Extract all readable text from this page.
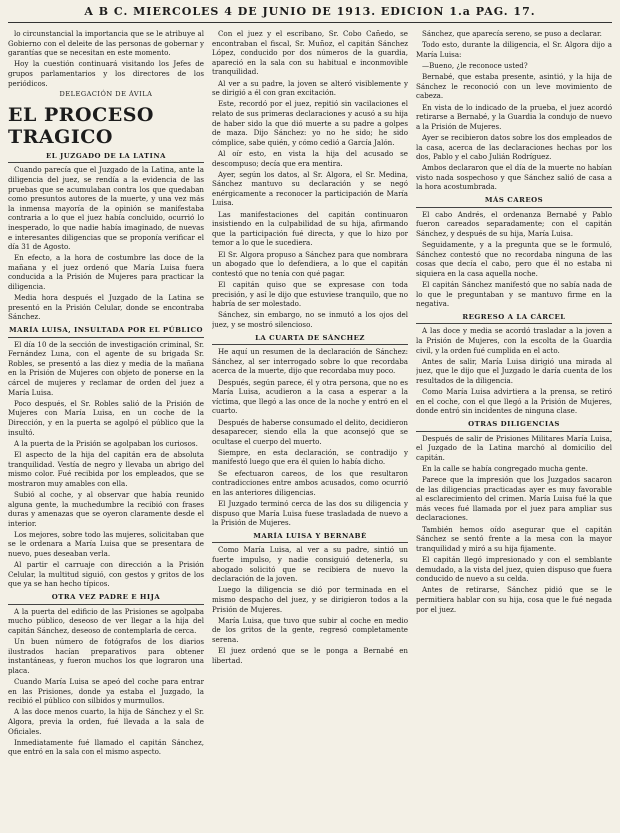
A B C. MIERCOLES 4 DE JUNIO DE 1913. EDICION 1.a PAG. 17.

lo circunstancial la importancia que se le atribuye al Gobierno con el deleite de las personas de gobernar y garantías que se necesitan en este momento.

Hoy la cuestión continuará visitando los Jefes de grupos parlamentarios y los directores de los periódicos.

DELEGACIÓN DE ÁVILA
EL PROCESO TRAGICO
EL JUZGADO DE LA LATINA

Cuando parecía que el Juzgado de la Latina, ante la diligencia del juez, se rendía a la evidencia de las pruebas que se acumulaban contra los que quedaban como presuntos autores de la muerte, y una vez más la inmensa mayoría de la opinión se manifestaba contraria a lo que el juez había concluido, ocurrió lo inesperado, lo que nadie había imaginado, de nuevas e interesantes diligencias que se proponía verificar el día 31 de Agosto.

En efecto, a la hora de costumbre las doce de la mañana y el juez ordenó que María Luisa fuera conducida a la Prisión de Mujeres para practicar la diligencia.

Media hora después el Juzgado de la Latina se presentó en la Prisión Celular, donde se encontraba Sánchez.

MARÍA LUISA, INSULTADA POR EL PÚBLICO

El día 10 de la sección de investigación criminal, Sr. Fernández Luna, con el agente de su brigada Sr. Robles, se presentó a las diez y media de la mañana en la Prisión de Mujeres con objeto de ponerse en la cárcel de mujeres y reclamar de orden del juez a María Luisa.

Poco después, el Sr. Robles salió de la Prisión de Mujeres con María Luisa, en un coche de la Dirección, y en la puerta se agolpó el público que la insultó.

A la puerta de la Prisión se agolpaban los curiosos.

El aspecto de la hija del capitán era de absoluta tranquilidad. Vestía de negro y llevaba un abrigo del mismo color. Fué recibida por los empleados, que se mostraron muy amables con ella.

Subió al coche, y al observar que había reunido alguna gente, la muchedumbre la recibió con frases duras y amenazas que se oyeron claramente desde el interior.

Los mejores, sobre todo las mujeres, solicitaban que se le ordenara a María Luisa que se presentara de nuevo, pues deseaban verla.

Al partir el carruaje con dirección a la Prisión Celular, la multitud siguió, con gestos y gritos de los que ya se han hecho típicos.

OTRA VEZ PADRE E HIJA

A la puerta del edificio de las Prisiones se agolpaba mucho público, deseoso de ver llegar a la hija del capitán Sánchez, deseoso de contemplarla de cerca.

Un buen número de fotógrafos de los diarios ilustrados hacían preparativos para obtener instantáneas, y fueron muchos los que lograron una placa.

Cuando María Luisa se apeó del coche para entrar en las Prisiones, donde ya estaba el Juzgado, la recibió el público con silbidos y murmullos.

A las doce menos cuarto, la hija de Sánchez y el Sr. Algora, previa la orden, fué llevada a la sala de Oficiales.

Inmediatamente fué llamado el capitán Sánchez, que entró en la sala con el mismo aspecto.

Con el juez y el escribano, Sr. Cobo Cañedo, se encontraban el fiscal, Sr. Muñoz, el capitán Sánchez López, conducido por dos números de la guardia, apareció en la sala con su habitual e inconmovible tranquilidad.

Al ver a su padre, la joven se alteró visiblemente y se dirigió a él con gran excitación.

Este, recordó por el juez, repitió sin vacilaciones el relato de sus primeras declaraciones y acusó a su hija de haber sido la que dió muerte a su padre a golpes de maza. Dijo Sánchez: yo no he sido; he sido cómplice, sabe quién, y cómo cedió a García Jalón.

Al oír esto, en vista la hija del acusado se descompuso; decía que era mentira.

Ayer, según los datos, al Sr. Algora, el Sr. Medina, Sánchez mantuvo su declaración y se negó enérgicamente a reconocer la participación de María Luisa.

Las manifestaciones del capitán continuaron insistiendo en la culpabilidad de su hija, afirmando que la participación fué directa, y que lo hizo por temor a lo que le sucediera.

El Sr. Algora propuso a Sánchez para que nombrara un abogado que lo defendiera, a lo que el capitán contestó que no tenía con qué pagar.

El capitán quiso que se expresase con toda precisión, y así le dijo que estuviese tranquilo, que no habría de ser molestado.

Sánchez, sin embargo, no se inmutó a los ojos del juez, y se mostró silencioso.

LA CUARTA DE SÁNCHEZ

He aquí un resumen de la declaración de Sánchez: Sánchez, al ser interrogado sobre lo que recordaba acerca de la muerte, dijo que recordaba muy poco.

Después, según parece, él y otra persona, que no es María Luisa, acudieron a la casa a esperar a la víctima, que llegó a las once de la noche y entró en el cuarto.

Después de haberse consumado el delito, decidieron desaparecer, siendo ella la que aconsejó que se ocultase el cuerpo del muerto.

Siempre, en esta declaración, se contradijo y manifestó luego que era él quien lo había dicho.

Se efectuaron careos, de los que resultaron contradicciones entre ambos acusados, como ocurrió en las anteriores diligencias.

El Juzgado terminó cerca de las dos su diligencia y dispuso que María Luisa fuese trasladada de nuevo a la Prisión de Mujeres.

MARÍA LUISA Y BERNABÉ

Como María Luisa, al ver a su padre, sintió un fuerte impulso, y nadie consiguió detenerla, su abogado solicitó que se recibiera de nuevo la declaración de la joven.

Luego la diligencia se dió por terminada en el mismo despacho del juez, y se dirigieron todos a la Prisión de Mujeres.

María Luisa, que tuvo que subir al coche en medio de los gritos de la gente, regresó completamente serena.

El juez ordenó que se le ponga a Bernabé en libertad.

Sánchez, que aparecía sereno, se puso a declarar.

Todo esto, durante la diligencia, el Sr. Algora dijo a María Luisa:

—Bueno, ¿le reconoce usted?

Bernabé, que estaba presente, asintió, y la hija de Sánchez le reconoció con un leve movimiento de cabeza.

En vista de lo indicado de la prueba, el juez acordó retirarse a Bernabé, y la Guardia la condujo de nuevo a la Prisión de Mujeres.

Ayer se recibieron datos sobre los dos empleados de la casa, acerca de las declaraciones hechas por los dos, Pablo y el cabo Julián Rodríguez.

Ambos declararon que el día de la muerte no habían visto nada sospechoso y que Sánchez salió de casa a la hora acostumbrada.

MÁS CAREOS

El cabo Andrés, el ordenanza Bernabé y Pablo fueron careados separadamente; con el capitán Sánchez, y después de su hija, María Luisa.

Seguidamente, y a la pregunta que se le formuló, Sánchez contestó que no recordaba ninguna de las cosas que decía el cabo, pero que él no estaba ni siquiera en la casa aquella noche.

El capitán Sánchez manifestó que no sabía nada de lo que le preguntaban y se mantuvo firme en la negativa.

REGRESO A LA CÁRCEL

A las doce y media se acordó trasladar a la joven a la Prisión de Mujeres, con la escolta de la Guardia civil, y la orden fué cumplida en el acto.

Antes de salir, María Luisa dirigió una mirada al juez, que le dijo que el Juzgado le daría cuenta de los resultados de la diligencia.

Como María Luisa advirtiera a la prensa, se retiró en el coche, con el que llegó a la Prisión de Mujeres, donde entró sin incidentes de ninguna clase.

OTRAS DILIGENCIAS

Después de salir de Prisiones Militares María Luisa, el Juzgado de la Latina marchó al domicilio del capitán.

En la calle se había congregado mucha gente.

Parece que la impresión que los Juzgados sacaron de las diligencias practicadas ayer es muy favorable al esclarecimiento del crimen. María Luisa fué la que más veces fué llamada por el juez para ampliar sus declaraciones.

También hemos oído asegurar que el capitán Sánchez se sentó frente a la mesa con la mayor tranquilidad y miró a su hija fijamente.

El capitán llegó impresionado y con el semblante demudado, a la vista del juez, quien dispuso que fuera conducido de nuevo a su celda.

Antes de retirarse, Sánchez pidió que se le permitiera hablar con su hija, cosa que le fué negada por el juez.
